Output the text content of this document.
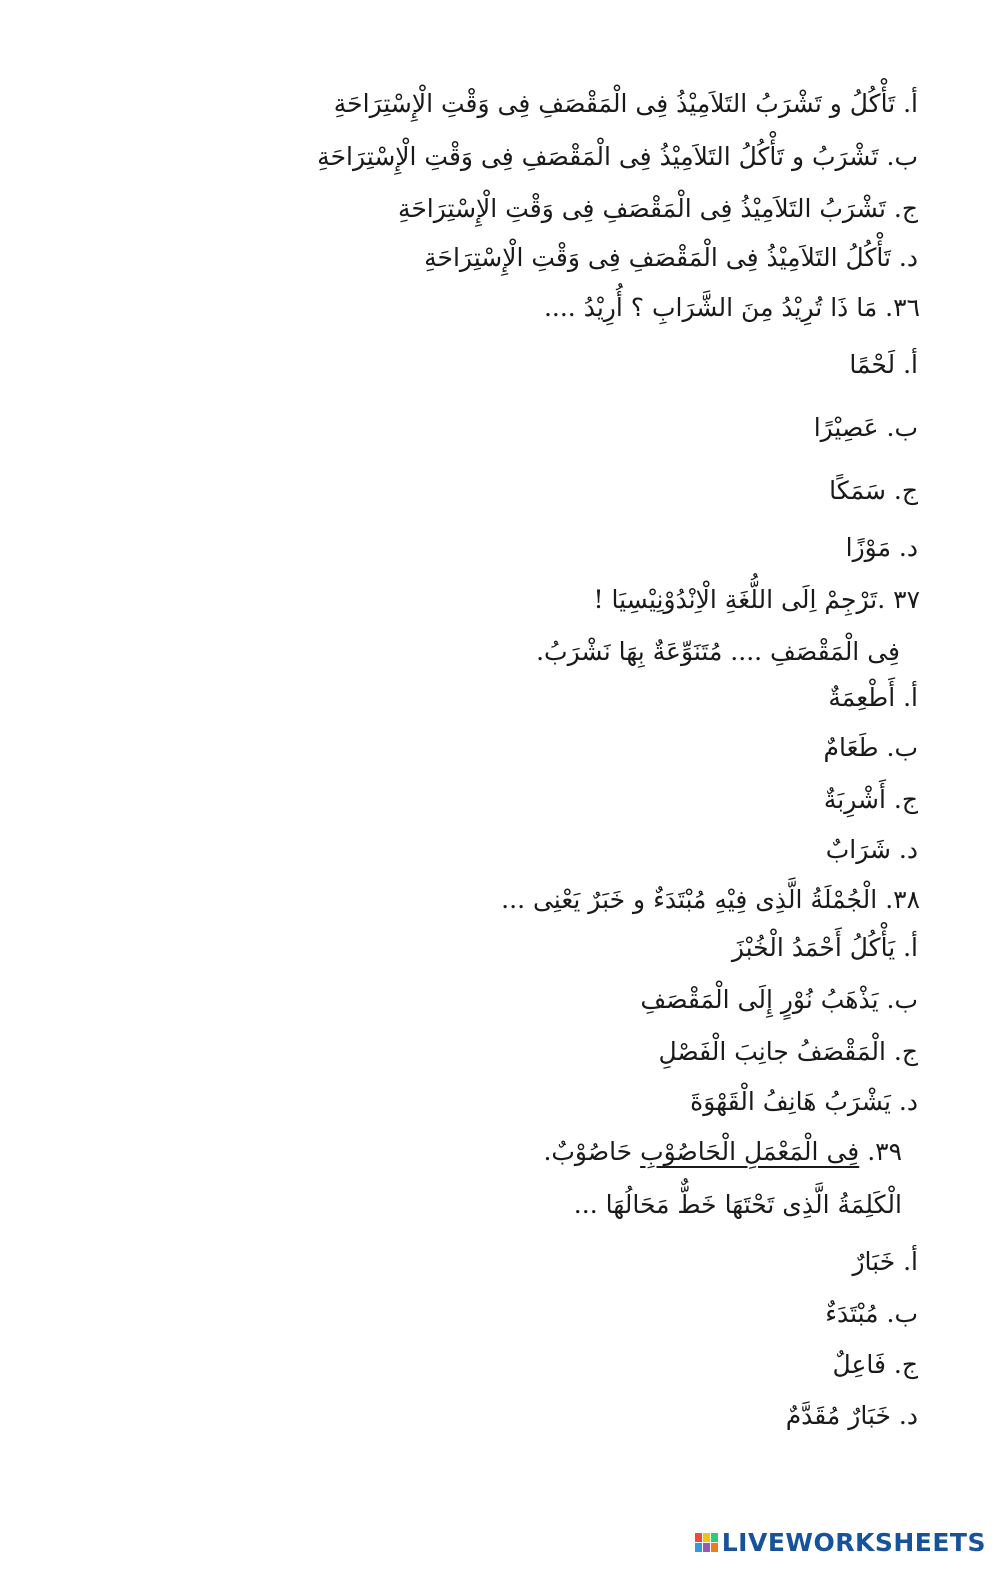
أ. تَأْكُلُ و تَشْرَبُ التَلاَمِيْذُ فِى الْمَقْصَفِ فِى وَقْتِ الْإِسْتِرَاحَةِ
ب. تَشْرَبُ و تَأْكُلُ التَلاَمِيْذُ فِى الْمَقْصَفِ فِى وَقْتِ الْإِسْتِرَاحَةِ
ج. تَشْرَبُ التَلاَمِيْذُ فِى الْمَقْصَفِ فِى وَقْتِ الْإِسْتِرَاحَةِ
د. تَأْكُلُ التَلاَمِيْذُ فِى الْمَقْصَفِ فِى وَقْتِ الْإِسْتِرَاحَةِ
٣٦. مَا ذَا تُرِيْدُ مِنَ الشَّرَابِ ؟ أُرِيْدُ ....
أ. لَحْمًا
ب. عَصِيْرًا
ج. سَمَكًا
د. مَوْزًا
٣٧ .تَرْجِمْ اِلَى اللُّغَةِ الْاِنْدُوْنِيْسِيَا !
فِى الْمَقْصَفِ .... مُتَنَوِّعَةٌ بِهَا نَشْرَبُ.
أ. أَطْعِمَةٌ
ب. طَعَامٌ
ج. أَشْرِبَةٌ
د. شَرَابٌ
٣٨. الْجُمْلَةُ الَّذِى فِيْهِ مُبْتَدَءٌ و خَبَرٌ يَعْنِى ...
أ. يَأْكُلُ أَحْمَدُ الْخُبْزَ
ب. يَذْهَبُ نُوْرٍ إِلَى الْمَقْصَفِ
ج. الْمَقْصَفُ جانِبَ الْفَصْلِ
د. يَشْرَبُ هَانِفُ الْقَهْوَةَ
٣٩. فِى الْمَعْمَلِ الْحَاصُوْبِ حَاصُوْبٌ.
الْكَلِمَةُ الَّذِى تَحْتَهَا خَطٌّ مَحَالُهَا ...
أ. خَبَارٌ
ب. مُبْتَدَءٌ
ج. فَاعِلٌ
د. خَبَارٌ مُقَدَّمٌ
LIVEWORKSHEETS
